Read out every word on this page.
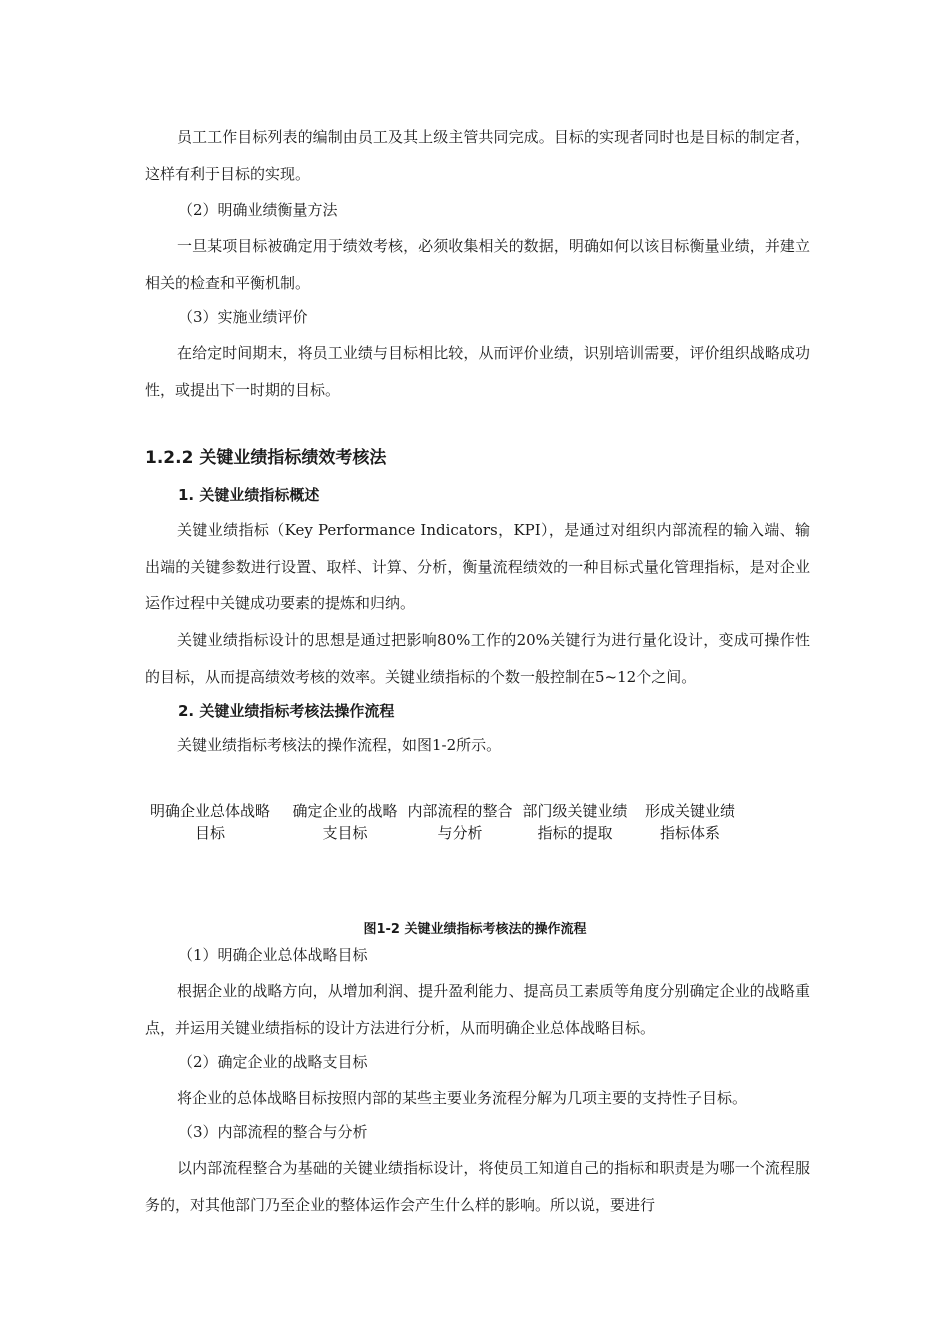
员工工作目标列表的编制由员工及其上级主管共同完成。目标的实现者同时也是目标的制定者，这样有利于目标的实现。

（2）明确业绩衡量方法

一旦某项目标被确定用于绩效考核，必须收集相关的数据，明确如何以该目标衡量业绩，并建立相关的检查和平衡机制。

（3）实施业绩评价

在给定时间期末，将员工业绩与目标相比较，从而评价业绩，识别培训需要，评价组织战略成功性，或提出下一时期的目标。

1.2.2 关键业绩指标绩效考核法
1. 关键业绩指标概述

关键业绩指标（Key Performance Indicators，KPI），是通过对组织内部流程的输入端、输出端的关键参数进行设置、取样、计算、分析，衡量流程绩效的一种目标式量化管理指标，是对企业运作过程中关键成功要素的提炼和归纳。

关键业绩指标设计的思想是通过把影响80%工作的20%关键行为进行量化设计，变成可操作性的目标，从而提高绩效考核的效率。关键业绩指标的个数一般控制在5~12个之间。

2. 关键业绩指标考核法操作流程

关键业绩指标考核法的操作流程，如图1-2所示。

明确企业总体战略目标
确定企业的战略支目标
内部流程的整合与分析
部门级关键业绩指标的提取
形成关键业绩指标体系

图1-2 关键业绩指标考核法的操作流程

（1）明确企业总体战略目标

根据企业的战略方向，从增加利润、提升盈利能力、提高员工素质等角度分别确定企业的战略重点，并运用关键业绩指标的设计方法进行分析，从而明确企业总体战略目标。

（2）确定企业的战略支目标

将企业的总体战略目标按照内部的某些主要业务流程分解为几项主要的支持性子目标。

（3）内部流程的整合与分析

以内部流程整合为基础的关键业绩指标设计，将使员工知道自己的指标和职责是为哪一个流程服务的，对其他部门乃至企业的整体运作会产生什么样的影响。所以说，要进行
